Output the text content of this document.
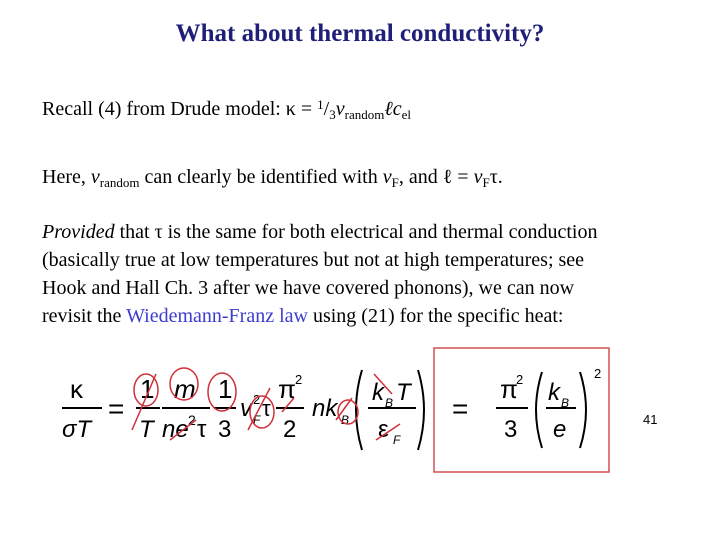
What about thermal conductivity?
Recall (4) from Drude model: $\kappa = ^1/_3v_{random}\ell c_{el}$
Here, $v_{random}$ can clearly be identified with $v_F$, and ℓ = $v_F\tau$.
Provided that τ is the same for both electrical and thermal conduction
(basically true at low temperatures but not at high temperatures; see
Hook and Hall Ch. 3 after we have covered phonons), we can now
revisit the Wiedemann-Franz law using (21) for the specific heat:
κ
σT
=
1
T
m
ne 2 τ
1
3
v 2
F τ
π 2
2
nk B
k B T
ε F
=
π
2
3
k B
e
2
41
